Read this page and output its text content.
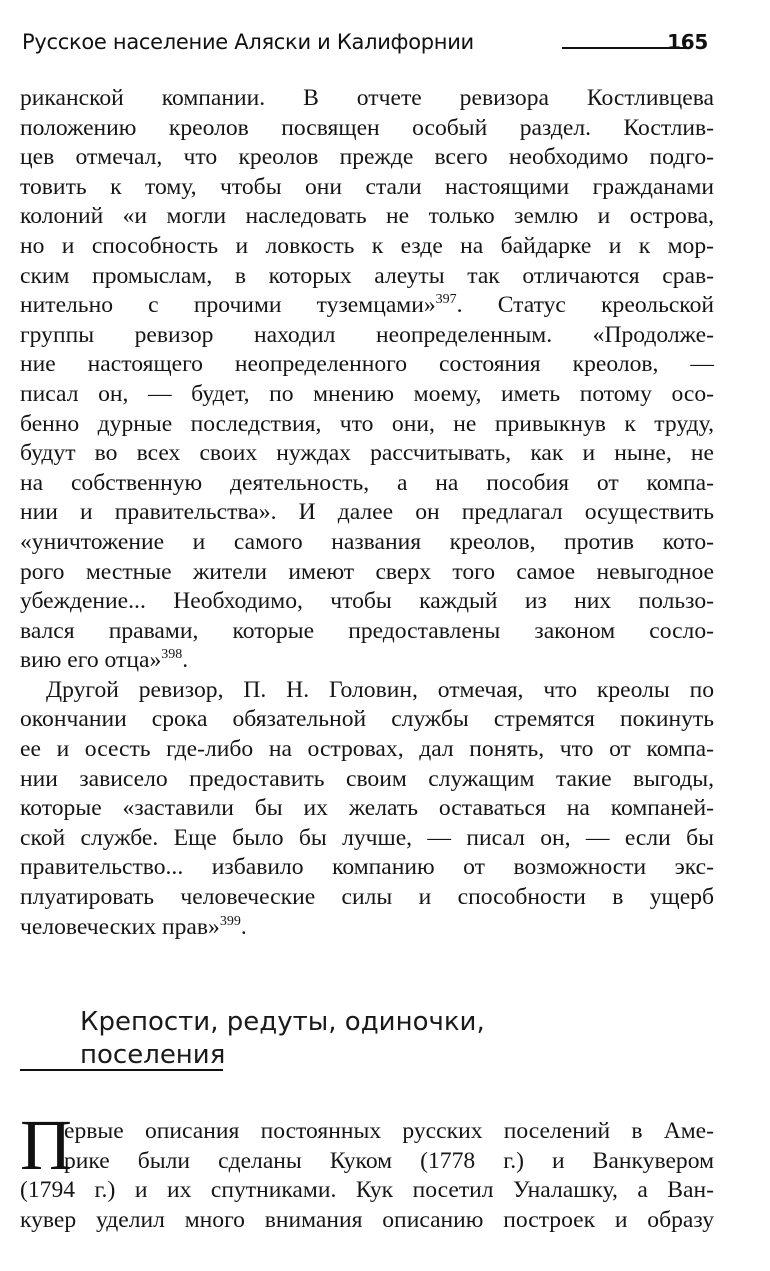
Русское население Аляски и Калифорнии	165
риканской компании. В отчете ревизора Костливцева
положению креолов посвящен особый раздел. Костлив-
цев отмечал, что креолов прежде всего необходимо подго-
товить к тому, чтобы они стали настоящими гражданами
колоний «и могли наследовать не только землю и острова,
но и способность и ловкость к езде на байдарке и к мор-
ским промыслам, в которых алеуты так отличаются срав-
нительно с прочими туземцами»$^{397}$. Статус креольской
группы ревизор находил неопределенным. «Продолже-
ние настоящего неопределенного состояния креолов, —
писал он, — будет, по мнению моему, иметь потому осо-
бенно дурные последствия, что они, не привыкнув к труду,
будут во всех своих нуждах рассчитывать, как и ныне, не
на собственную деятельность, а на пособия от компа-
нии и правительства». И далее он предлагал осуществить
«уничтожение и самого названия креолов, против кото-
рого местные жители имеют сверх того самое невыгодное
убеждение... Необходимо, чтобы каждый из них пользо-
вался правами, которые предоставлены законом сосло-
вию его отца»$^{398}$.
Другой ревизор, П. Н. Головин, отмечая, что креолы по
окончании срока обязательной службы стремятся покинуть
ее и осесть где-либо на островах, дал понять, что от компа-
нии зависело предоставить своим служащим такие выгоды,
которые «заставили бы их желать оставаться на компаней-
ской службе. Еще было бы лучше, — писал он, — если бы
правительство... избавило компанию от возможности экс-
плуатировать человеческие силы и способности в ущерб
человеческих прав»$^{399}$.
Крепости, редуты, одиночки,
поселения
П
ервые описания постоянных русских поселений в Аме-
рике были сделаны Куком (1778 г.) и Ванкувером
(1794 г.) и их спутниками. Кук посетил Уналашку, а Ван-
кувер уделил много внимания описанию построек и образу
